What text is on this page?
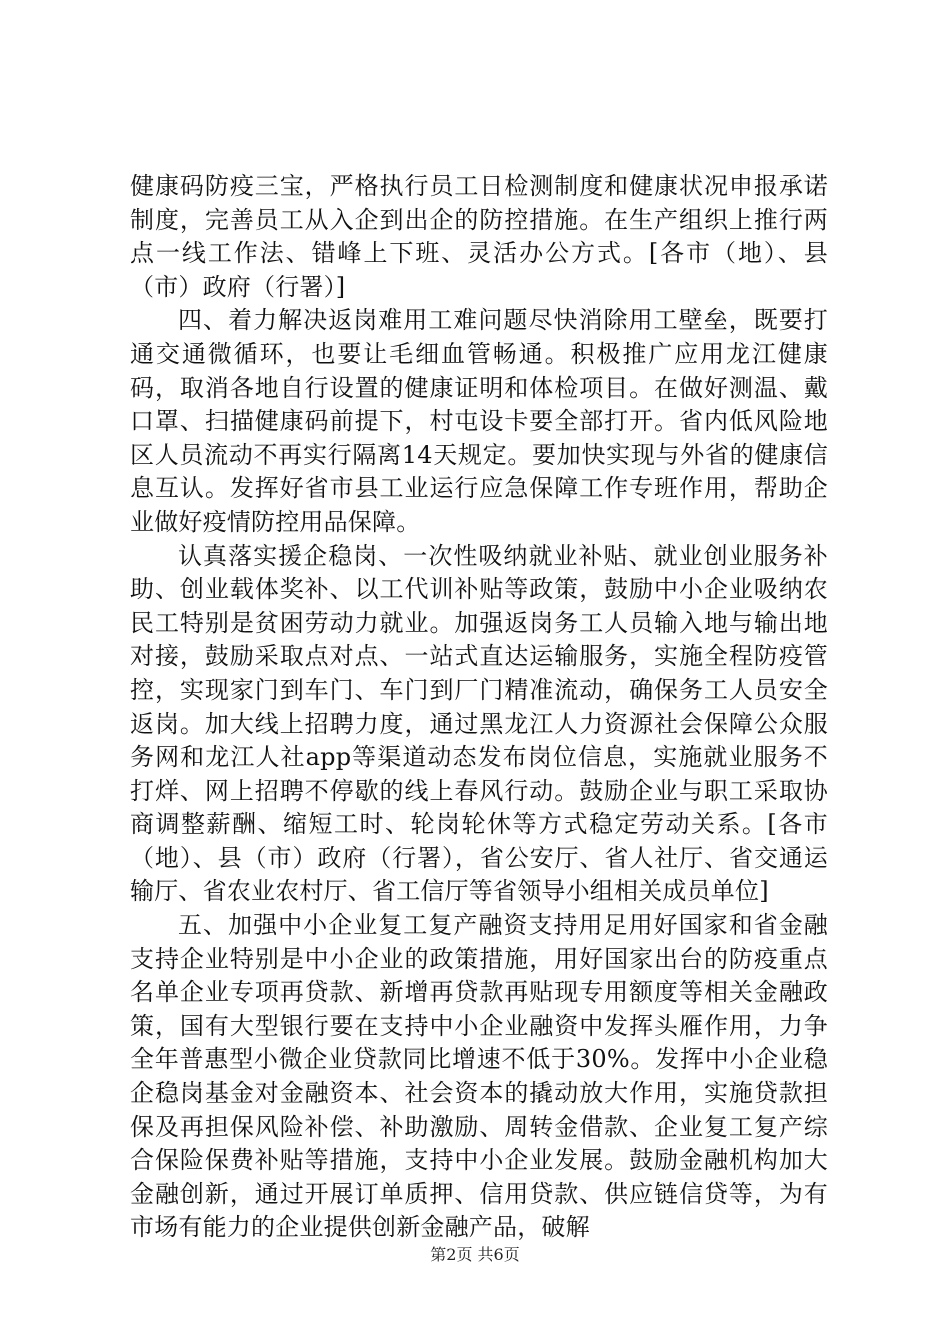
健康码防疫三宝，严格执行员工日检测制度和健康状况申报承诺制度，完善员工从入企到出企的防控措施。在生产组织上推行两点一线工作法、错峰上下班、灵活办公方式。[各市（地）、县（市）政府（行署）]

四、着力解决返岗难用工难问题尽快消除用工壁垒，既要打通交通微循环，也要让毛细血管畅通。积极推广应用龙江健康码，取消各地自行设置的健康证明和体检项目。在做好测温、戴口罩、扫描健康码前提下，村屯设卡要全部打开。省内低风险地区人员流动不再实行隔离14天规定。要加快实现与外省的健康信息互认。发挥好省市县工业运行应急保障工作专班作用，帮助企业做好疫情防控用品保障。

认真落实援企稳岗、一次性吸纳就业补贴、就业创业服务补助、创业载体奖补、以工代训补贴等政策，鼓励中小企业吸纳农民工特别是贫困劳动力就业。加强返岗务工人员输入地与输出地对接，鼓励采取点对点、一站式直达运输服务，实施全程防疫管控，实现家门到车门、车门到厂门精准流动，确保务工人员安全返岗。加大线上招聘力度，通过黑龙江人力资源社会保障公众服务网和龙江人社app等渠道动态发布岗位信息，实施就业服务不打烊、网上招聘不停歇的线上春风行动。鼓励企业与职工采取协商调整薪酬、缩短工时、轮岗轮休等方式稳定劳动关系。[各市（地）、县（市）政府（行署），省公安厅、省人社厅、省交通运输厅、省农业农村厅、省工信厅等省领导小组相关成员单位]

五、加强中小企业复工复产融资支持用足用好国家和省金融支持企业特别是中小企业的政策措施，用好国家出台的防疫重点名单企业专项再贷款、新增再贷款再贴现专用额度等相关金融政策，国有大型银行要在支持中小企业融资中发挥头雁作用，力争全年普惠型小微企业贷款同比增速不低于30%。发挥中小企业稳企稳岗基金对金融资本、社会资本的撬动放大作用，实施贷款担保及再担保风险补偿、补助激励、周转金借款、企业复工复产综合保险保费补贴等措施，支持中小企业发展。鼓励金融机构加大金融创新，通过开展订单质押、信用贷款、供应链信贷等，为有市场有能力的企业提供创新金融产品，破解

第2页 共6页
